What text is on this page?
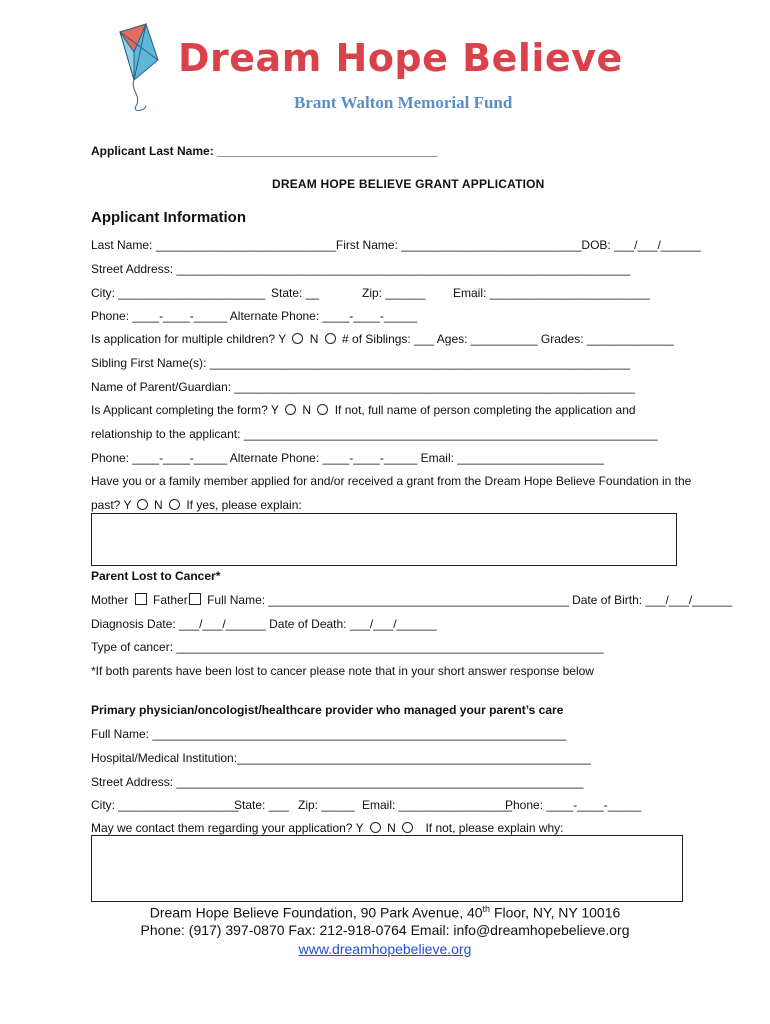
Dream Hope Believe
Brant Walton Memorial Fund
Applicant Last Name: _________________________________
DREAM HOPE BELIEVE GRANT APPLICATION
Applicant Information
Last Name: ___________________________First Name: ___________________________DOB: ___/___/______
Street Address: ____________________________________________________________________
City: ______________________ State: __	Zip: ______ Email: ________________________
Phone: ____-____-_____ Alternate Phone: ____-____-_____
Is application for multiple children? Y N # of Siblings: ___ Ages: __________ Grades: _____________
Sibling First Name(s): _______________________________________________________________
Name of Parent/Guardian: ____________________________________________________________
Is Applicant completing the form? Y N If not, full name of person completing the application and
relationship to the applicant: ______________________________________________________________
Phone: ____-____-_____ Alternate Phone: ____-____-_____ Email: ______________________
Have you or a family member applied for and/or received a grant from the Dream Hope Believe Foundation in the
past? Y N If yes, please explain:
Parent Lost to Cancer*
Mother Father Full Name: _____________________________________________ Date of Birth: ___/___/______
Diagnosis Date: ___/___/______ Date of Death: ___/___/______
Type of cancer: ________________________________________________________________
*If both parents have been lost to cancer please note that in your short answer response below
Primary physician/oncologist/healthcare provider who managed your parent’s care
Full Name: ______________________________________________________________
Hospital/Medical Institution:_____________________________________________________
Street Address: _____________________________________________________________
City: __________________
State: ___ Zip: _____ Email: _________________
Phone: ____-____-_____
May we contact them regarding your application? Y N If not, please explain why:
Dream Hope Believe Foundation, 90 Park Avenue, 40th Floor, NY, NY 10016
Phone: (917) 397-0870 Fax: 212-918-0764 Email: info@dreamhopebelieve.org
www.dreamhopebelieve.org
